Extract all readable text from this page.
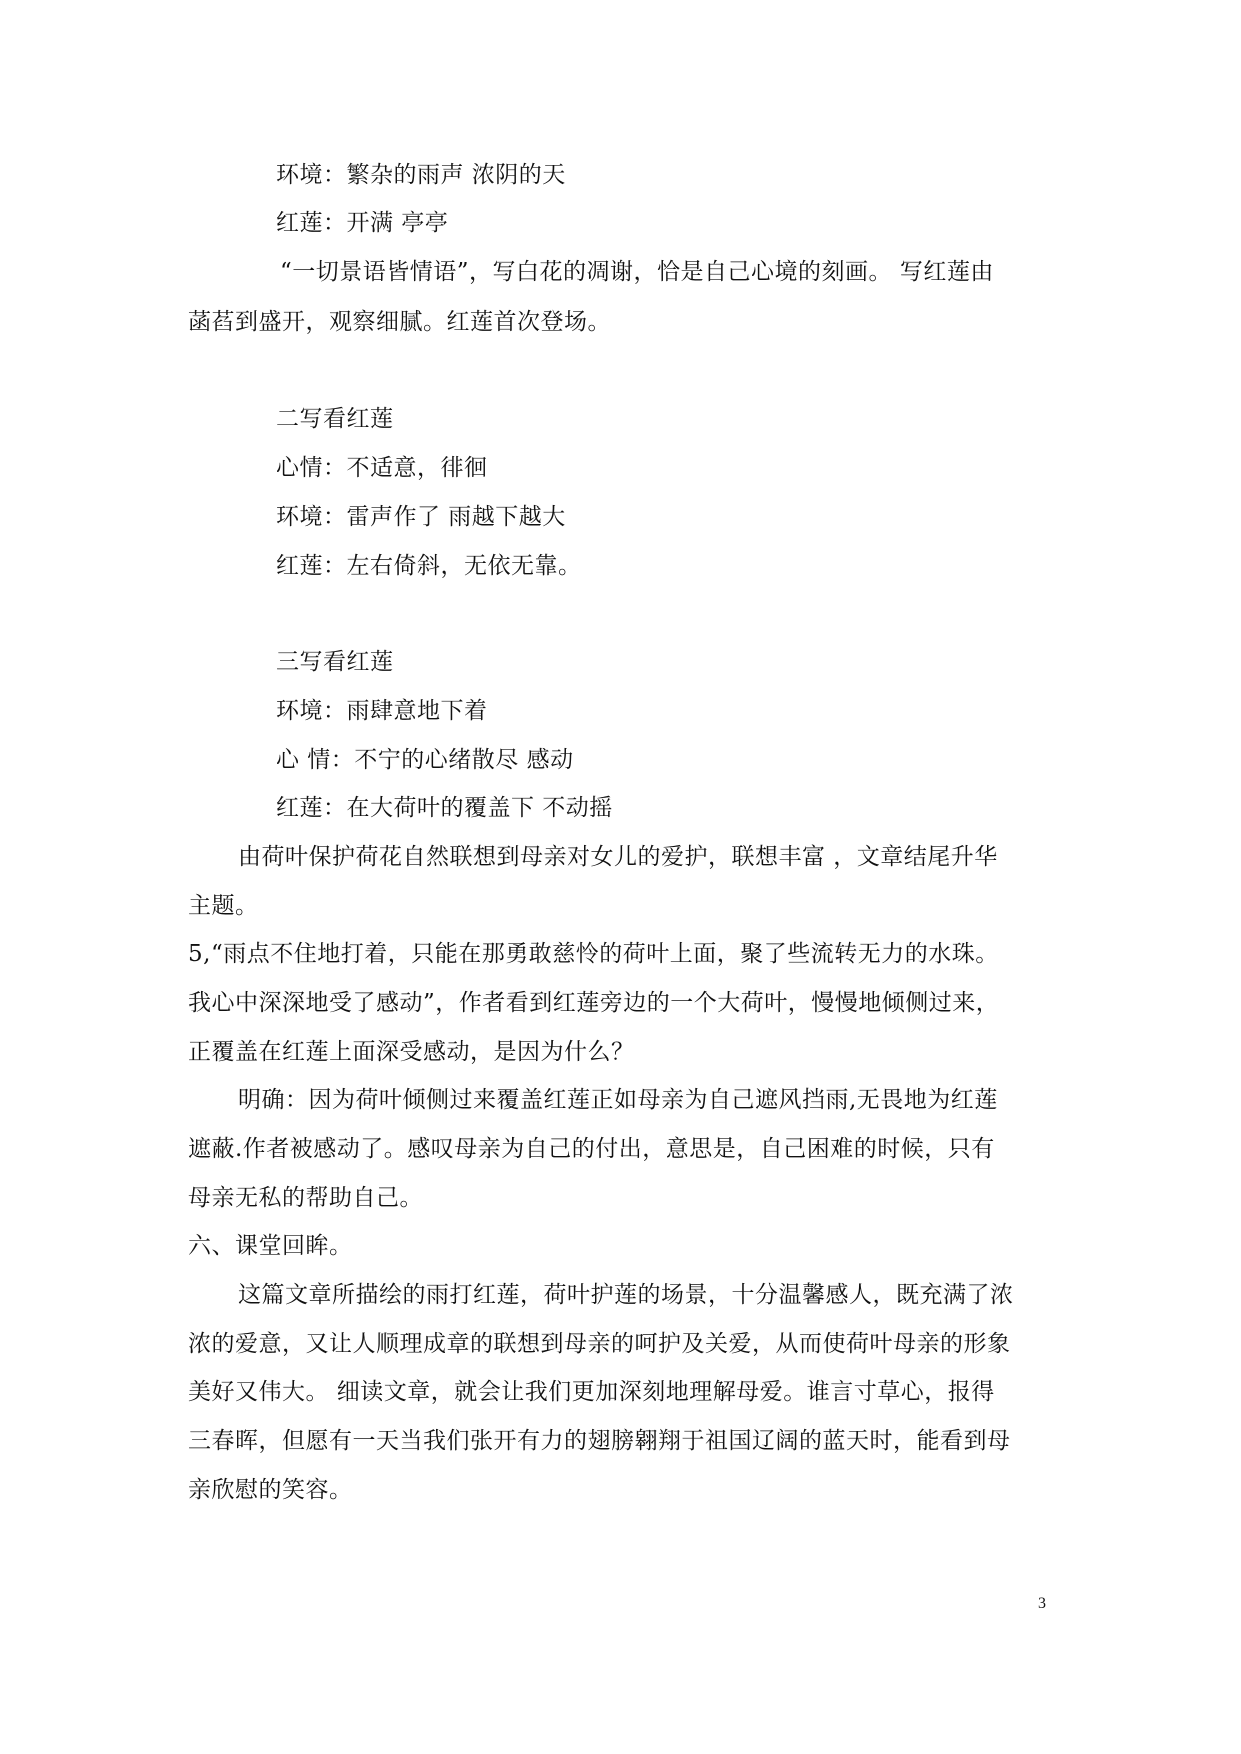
环境：繁杂的雨声 浓阴的天
红莲：开满 亭亭
“一切景语皆情语”，写白花的凋谢，恰是自己心境的刻画。 写红莲由
菡萏到盛开，观察细腻。红莲首次登场。
二写看红莲
心情：不适意，徘徊
环境：雷声作了 雨越下越大
红莲：左右倚斜，无依无靠。
三写看红莲
环境：雨肆意地下着
心 情：不宁的心绪散尽 感动
红莲：在大荷叶的覆盖下 不动摇
由荷叶保护荷花自然联想到母亲对女儿的爱护，联想丰富 ，文章结尾升华
主题。
5,“雨点不住地打着，只能在那勇敢慈怜的荷叶上面，聚了些流转无力的水珠。
我心中深深地受了感动”，作者看到红莲旁边的一个大荷叶，慢慢地倾侧过来，
正覆盖在红莲上面深受感动，是因为什么？
明确：因为荷叶倾侧过来覆盖红莲正如母亲为自己遮风挡雨,无畏地为红莲
遮蔽.作者被感动了。感叹母亲为自己的付出，意思是，自己困难的时候，只有
母亲无私的帮助自己。
六、课堂回眸。
这篇文章所描绘的雨打红莲，荷叶护莲的场景，十分温馨感人，既充满了浓
浓的爱意，又让人顺理成章的联想到母亲的呵护及关爱，从而使荷叶母亲的形象
美好又伟大。 细读文章，就会让我们更加深刻地理解母爱。谁言寸草心，报得
三春晖，但愿有一天当我们张开有力的翅膀翱翔于祖国辽阔的蓝天时，能看到母
亲欣慰的笑容。
3
